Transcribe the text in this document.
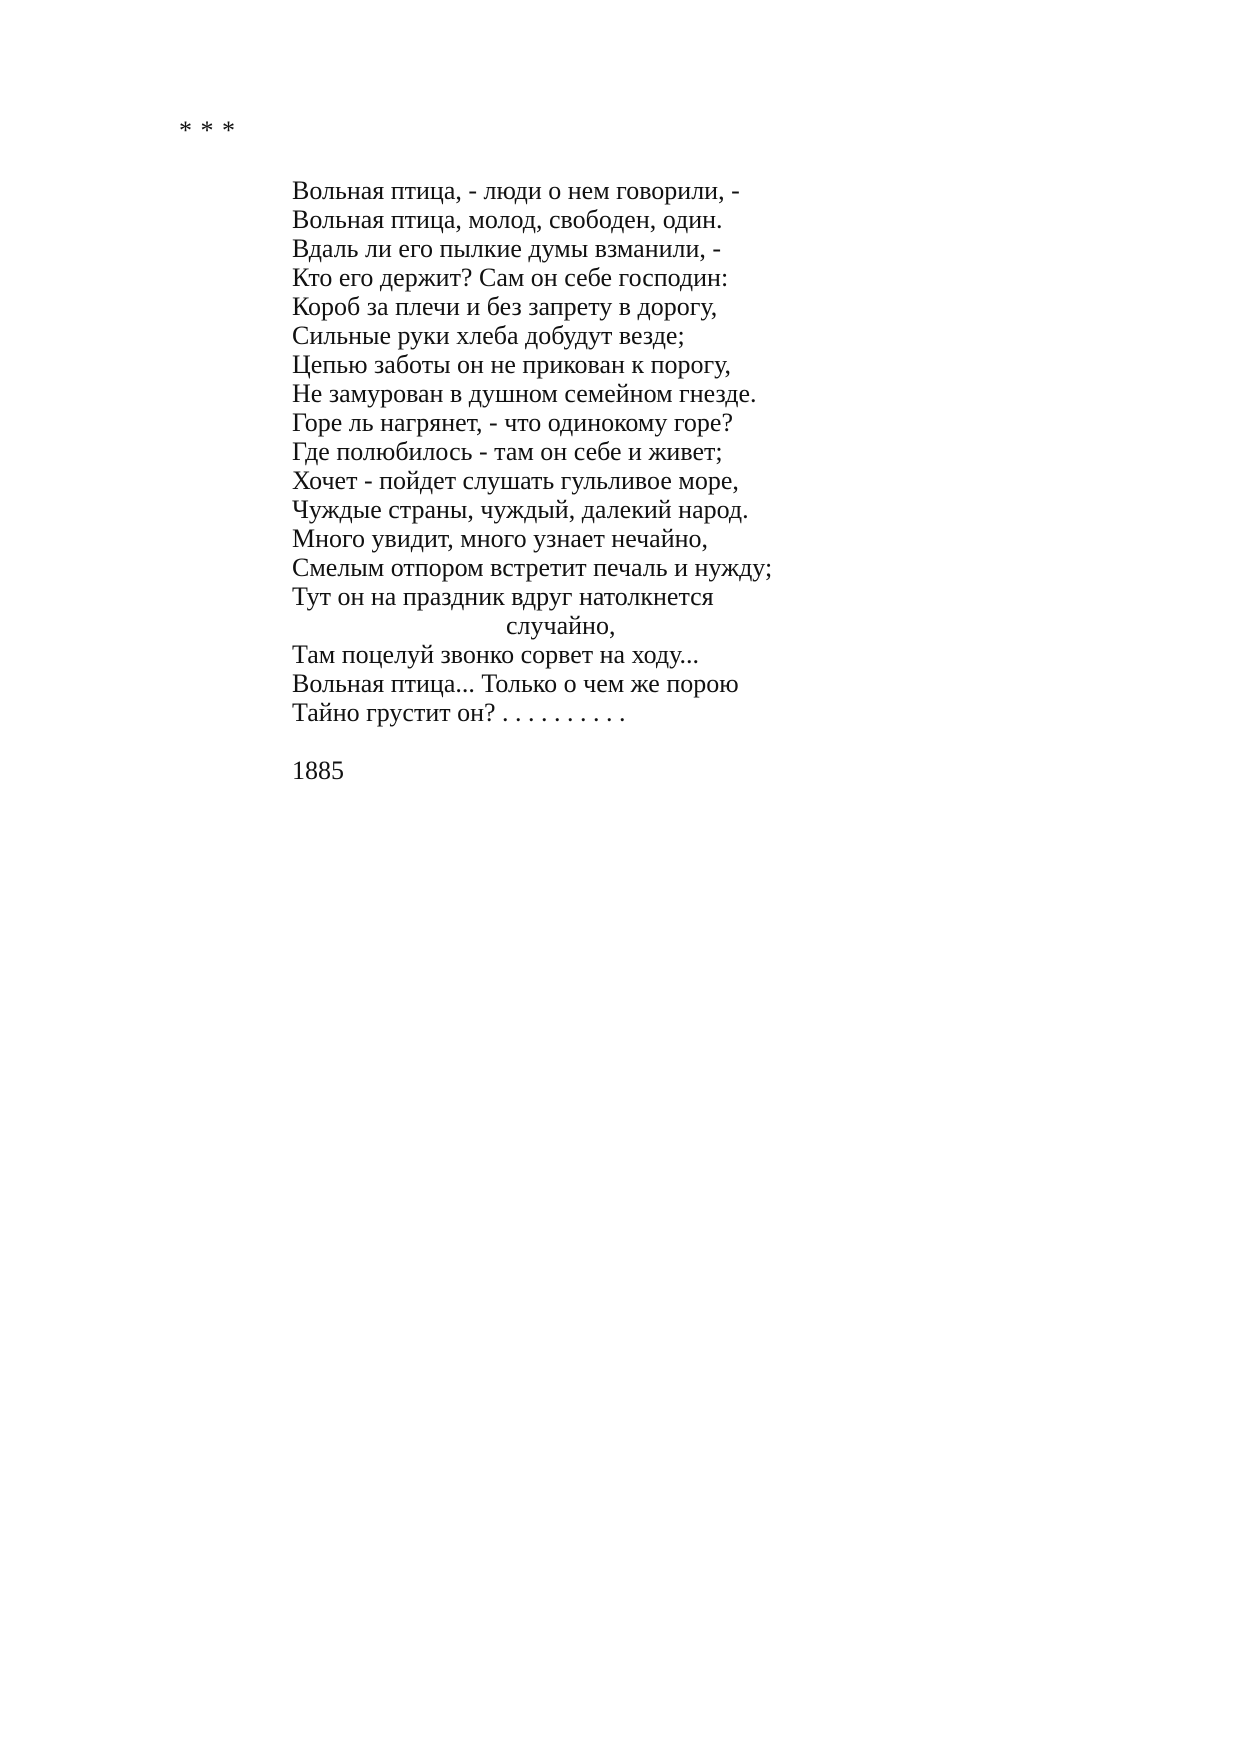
* * *
Вольная птица, - люди о нем говорили, -
Вольная птица, молод, свободен, один.
Вдаль ли его пылкие думы взманили, -
Кто его держит? Сам он себе господин:
Короб за плечи и без запрету в дорогу,
Сильные руки хлеба добудут везде;
Цепью заботы он не прикован к порогу,
Не замурован в душном семейном гнезде.
Горе ль нагрянет, - что одинокому горе?
Где полюбилось - там он себе и живет;
Хочет - пойдет слушать гульливое море,
Чуждые страны, чуждый, далекий народ.
Много увидит, много узнает нечайно,
Смелым отпором встретит печаль и нужду;
Тут он на праздник вдруг натолкнется
случайно,
Там поцелуй звонко сорвет на ходу...
Вольная птица... Только о чем же порою
Тайно грустит он? . . . . . . . . . .
1885
